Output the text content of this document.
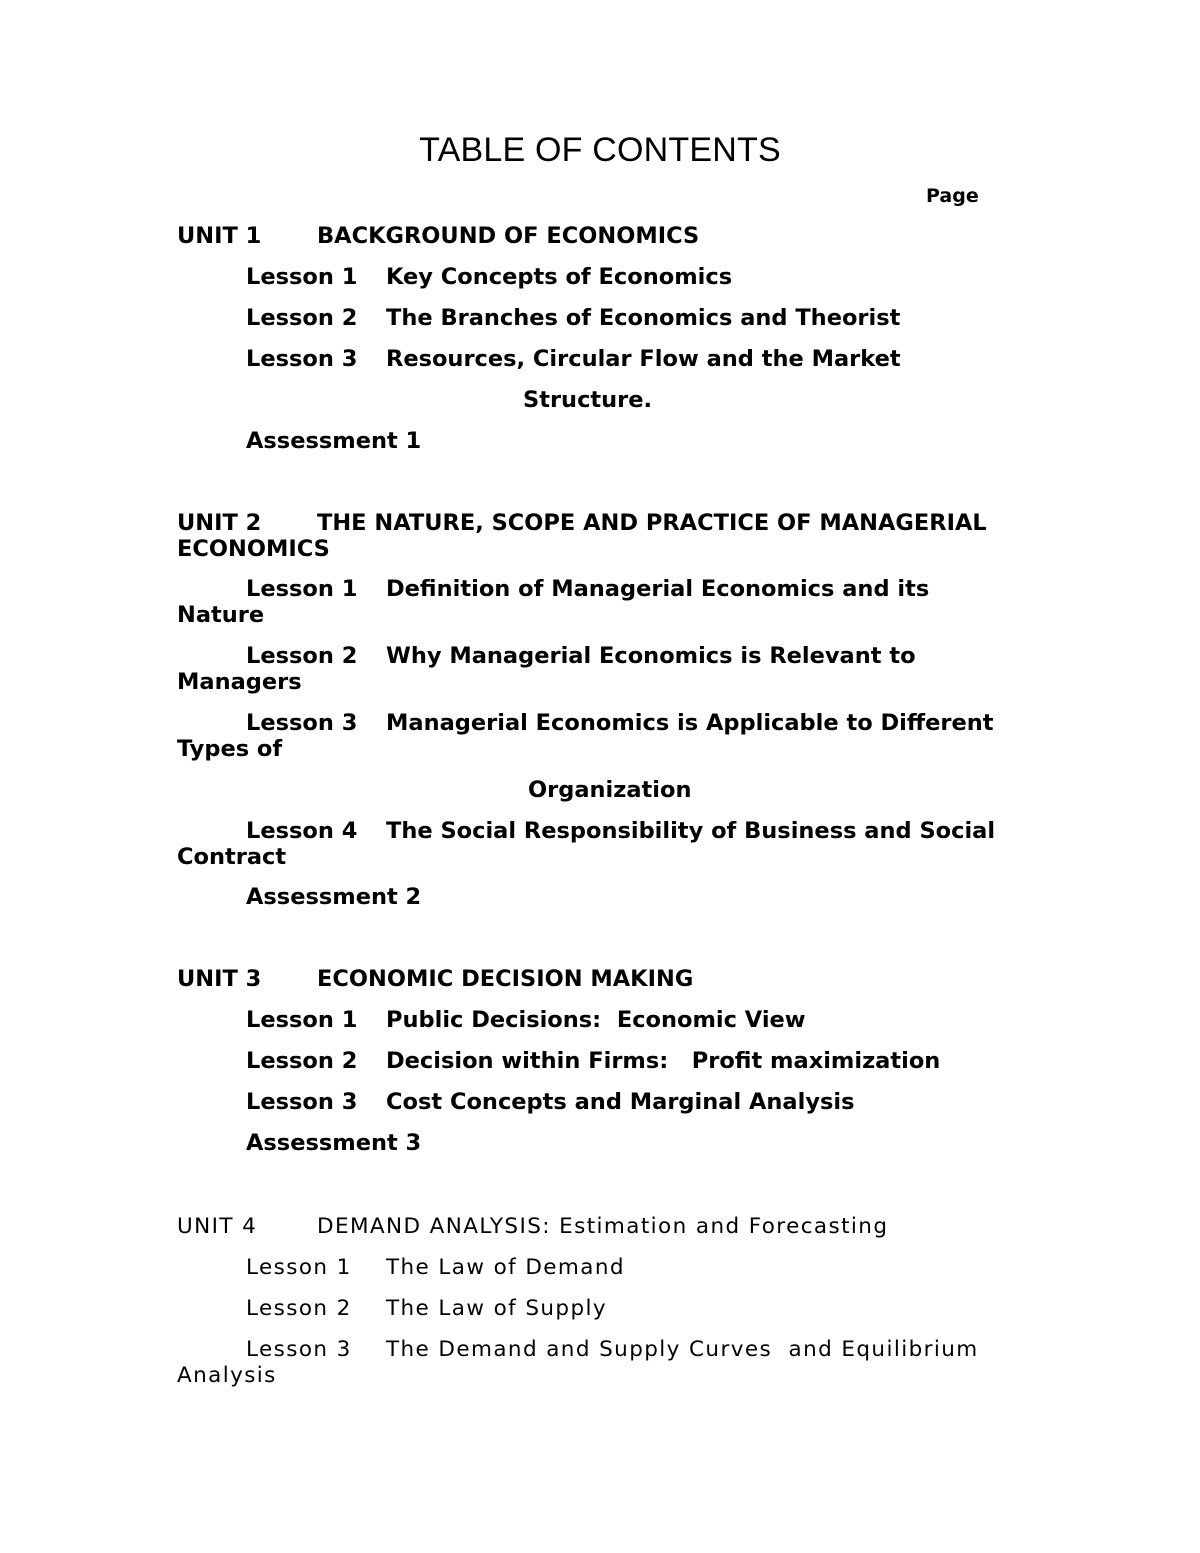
TABLE OF CONTENTS
Page
UNIT 1 BACKGROUND OF ECONOMICS
Lesson 1 Key Concepts of Economics
Lesson 2 The Branches of Economics and Theorist
Lesson 3 Resources, Circular Flow and the Market
Structure.
Assessment 1
UNIT 2 THE NATURE, SCOPE AND PRACTICE OF MANAGERIAL
ECONOMICS
Lesson 1 Definition of Managerial Economics and its
Nature
Lesson 2 Why Managerial Economics is Relevant to
Managers
Lesson 3 Managerial Economics is Applicable to Different
Types of
Organization
Lesson 4 The Social Responsibility of Business and Social
Contract
Assessment 2
UNIT 3 ECONOMIC DECISION MAKING
Lesson 1 Public Decisions:  Economic View
Lesson 2 Decision within Firms:   Profit maximization
Lesson 3 Cost Concepts and Marginal Analysis
Assessment 3
UNIT 4	DEMAND ANALYSIS: Estimation and Forecasting
Lesson 1 The Law of Demand
Lesson 2 The Law of Supply
Lesson 3 The Demand and Supply Curves  and Equilibrium
Analysis
